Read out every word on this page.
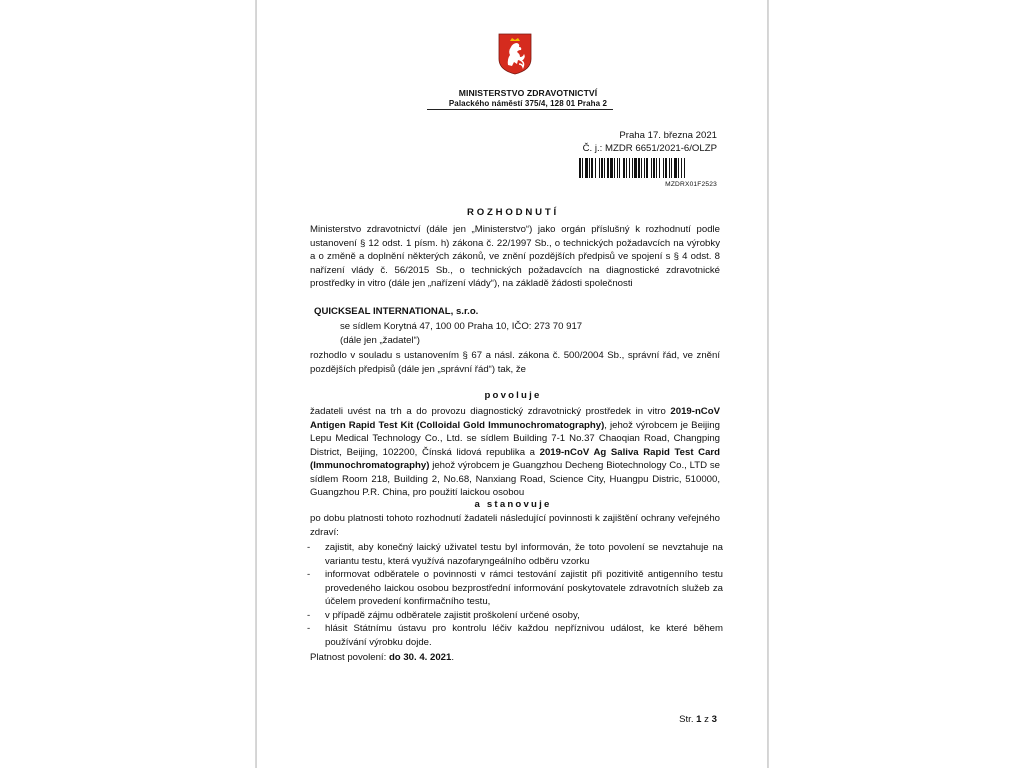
MINISTERSTVO ZDRAVOTNICTVÍ
Palackého náměstí 375/4, 128 01 Praha 2
Praha 17. března 2021
Č. j.: MZDR 6651/2021-6/OLZP
MZDRX01F2523
ROZHODNUTÍ
Ministerstvo zdravotnictví (dále jen „Ministerstvo“) jako orgán příslušný k rozhodnutí podle ustanovení § 12 odst. 1 písm. h) zákona č. 22/1997 Sb., o technických požadavcích na výrobky a o změně a doplnění některých zákonů, ve znění pozdějších předpisů ve spojení s § 4 odst. 8 nařízení vlády č. 56/2015 Sb., o technických požadavcích na diagnostické zdravotnické prostředky in vitro (dále jen „nařízení vlády“), na základě žádosti společnosti
QUICKSEAL INTERNATIONAL, s.r.o.
se sídlem Korytná 47, 100 00 Praha 10, IČO: 273 70 917
(dále jen „žadatel“)
rozhodlo v souladu s ustanovením § 67 a násl. zákona č. 500/2004 Sb., správní řád, ve znění pozdějších předpisů (dále jen „správní řád“) tak, že
povoluje
žadateli uvést na trh a do provozu diagnostický zdravotnický prostředek in vitro 2019-nCoV Antigen Rapid Test Kit (Colloidal Gold Immunochromatography), jehož výrobcem je Beijing Lepu Medical Technology Co., Ltd. se sídlem Building 7-1 No.37 Chaoqian Road, Changping District, Beijing, 102200, Čínská lidová republika a 2019-nCoV Ag Saliva Rapid Test Card (Immunochromatography) jehož výrobcem je Guangzhou Decheng Biotechnology Co., LTD se sídlem Room 218, Building 2, No.68, Nanxiang Road, Science City, Huangpu Distric, 510000, Guangzhou P.R. China, pro použití laickou osobou
a stanovuje
po dobu platnosti tohoto rozhodnutí žadateli následující povinnosti k zajištění ochrany veřejného zdraví:
- zajistit, aby konečný laický uživatel testu byl informován, že toto povolení se nevztahuje na variantu testu, která využívá nazofaryngeálního odběru vzorku
- informovat odběratele o povinnosti v rámci testování zajistit při pozitivitě antigenního testu provedeného laickou osobou bezprostřední informování poskytovatele zdravotních služeb za účelem provedení konfirmačního testu,
- v případě zájmu odběratele zajistit proškolení určené osoby,
- hlásit Státnímu ústavu pro kontrolu léčiv každou nepříznivou událost, ke které během používání výrobku dojde.
Platnost povolení: do 30. 4. 2021.
Str. 1 z 3
